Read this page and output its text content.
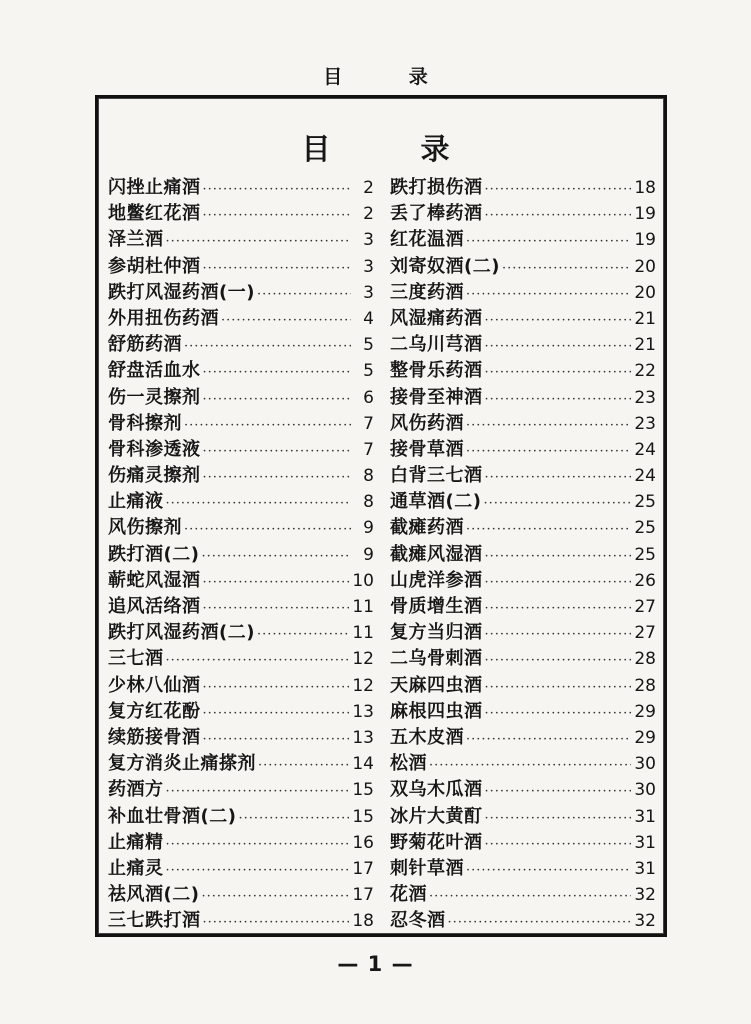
目 录
目 录
闪挫止痛酒 ·····	2
地鳖红花酒 ·····	2
泽兰酒 ·····	3
参胡杜仲酒 ·····	3
跌打风湿药酒(一) ·····	3
外用扭伤药酒 ·····	4
舒筋药酒 ·····	5
舒盘活血水 ·····	5
伤一灵擦剂 ·····	6
骨科擦剂 ·····	7
骨科渗透液 ·····	7
伤痛灵擦剂 ·····	8
止痛液 ·····	8
风伤擦剂 ·····	9
跌打酒(二) ·····	9
蕲蛇风湿酒 ·····	10
追风活络酒 ·····	11
跌打风湿药酒(二) ·····	11
三七酒 ·····	12
少林八仙酒 ·····	12
复方红花酚 ·····	13
续筋接骨酒 ·····	13
复方消炎止痛搽剂 ·····	14
药酒方 ·····	15
补血壮骨酒(二) ·····	15
止痛精 ·····	16
止痛灵 ·····	17
祛风酒(二) ·····	17
三七跌打酒 ·····	18
跌打损伤酒 ·····	18
丢了棒药酒 ·····	19
红花温酒 ·····	19
刘寄奴酒(二) ·····	20
三度药酒 ·····	20
风湿痛药酒 ·····	21
二乌川芎酒 ·····	21
整骨乐药酒 ·····	22
接骨至神酒 ·····	23
风伤药酒 ·····	23
接骨草酒 ·····	24
白背三七酒 ·····	24
通草酒(二) ·····	25
截瘫药酒 ·····	25
截瘫风湿酒 ·····	25
山虎洋参酒 ·····	26
骨质增生酒 ·····	27
复方当归酒 ·····	27
二乌骨刺酒 ·····	28
天麻四虫酒 ·····	28
麻根四虫酒 ·····	29
五木皮酒 ·····	29
松酒 ·····	30
双乌木瓜酒 ·····	30
冰片大黄酊 ·····	31
野菊花叶酒 ·····	31
刺针草酒 ·····	31
花酒 ·····	32
忍冬酒 ·····	32
— 1 —
